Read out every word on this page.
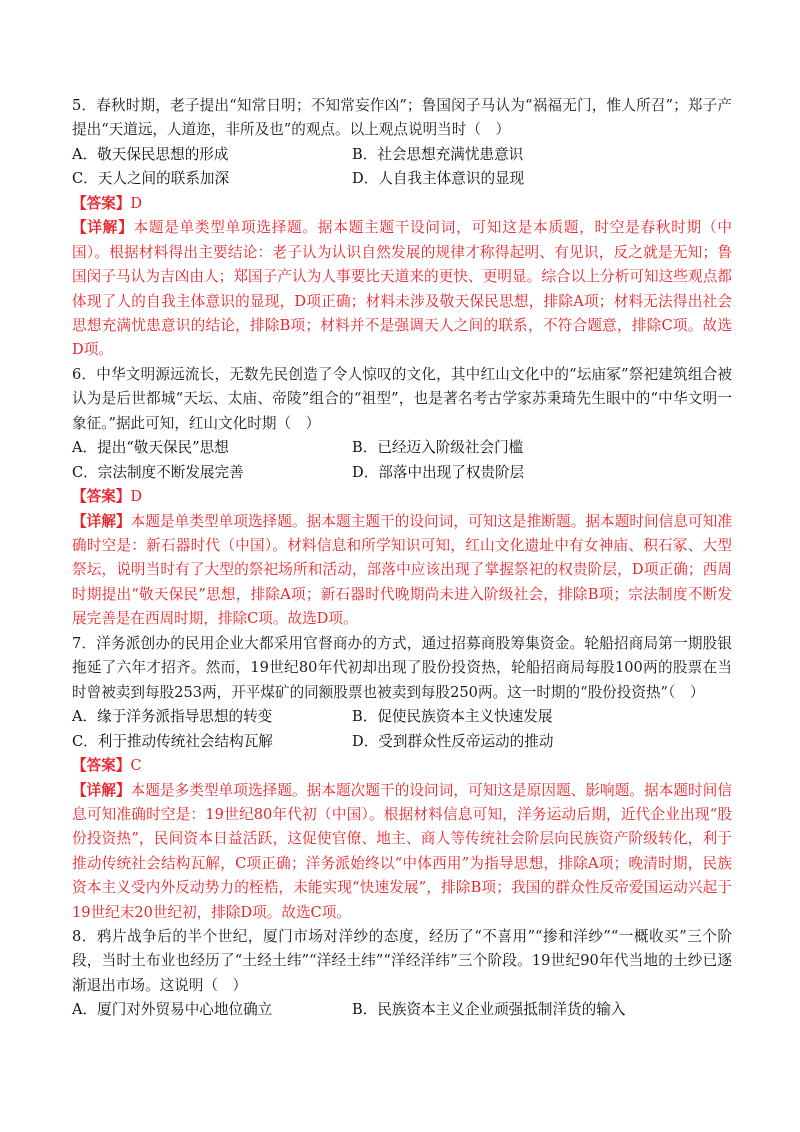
5．春秋时期，老子提出“知常日明；不知常妄作凶”；鲁国闵子马认为“祸福无门，惟人所召”；郑子产提出“天道远，人道迩，非所及也”的观点。以上观点说明当时（　）

A．敬天保民思想的形成	B．社会思想充满忧患意识
C．天人之间的联系加深	D．人自我主体意识的显现

【答案】D

【详解】本题是单类型单项选择题。据本题主题干设问词，可知这是本质题，时空是春秋时期（中国）。根据材料得出主要结论：老子认为认识自然发展的规律才称得起明、有见识，反之就是无知；鲁国闵子马认为吉凶由人；郑国子产认为人事要比天道来的更快、更明显。综合以上分析可知这些观点都体现了人的自我主体意识的显现，D项正确；材料未涉及敬天保民思想，排除A项；材料无法得出社会思想充满忧患意识的结论，排除B项；材料并不是强调天人之间的联系，不符合题意，排除C项。故选D项。

6．中华文明源远流长，无数先民创造了令人惊叹的文化，其中红山文化中的“坛庙冢”祭祀建筑组合被认为是后世都城“天坛、太庙、帝陵”组合的“祖型”，也是著名考古学家苏秉琦先生眼中的“中华文明一象征。”据此可知，红山文化时期（　）

A．提出“敬天保民”思想	B．已经迈入阶级社会门槛
C．宗法制度不断发展完善	D．部落中出现了权贵阶层

【答案】D

【详解】本题是单类型单项选择题。据本题主题干的设问词，可知这是推断题。据本题时间信息可知准确时空是：新石器时代（中国）。材料信息和所学知识可知，红山文化遗址中有女神庙、积石冢、大型祭坛，说明当时有了大型的祭祀场所和活动，部落中应该出现了掌握祭祀的权贵阶层，D项正确；西周时期提出“敬天保民”思想，排除A项；新石器时代晚期尚未进入阶级社会，排除B项；宗法制度不断发展完善是在西周时期，排除C项。故选D项。

7．洋务派创办的民用企业大都采用官督商办的方式，通过招募商股筹集资金。轮船招商局第一期股银拖延了六年才招齐。然而，19世纪80年代初却出现了股份投资热，轮船招商局每股100两的股票在当时曾被卖到每股253两，开平煤矿的同额股票也被卖到每股250两。这一时期的“股份投资热”（　）

A．缘于洋务派指导思想的转变	B．促使民族资本主义快速发展
C．利于推动传统社会结构瓦解	D．受到群众性反帝运动的推动

【答案】C

【详解】本题是多类型单项选择题。据本题次题干的设问词，可知这是原因题、影响题。据本题时间信息可知准确时空是：19世纪80年代初（中国）。根据材料信息可知，洋务运动后期，近代企业出现“股份投资热”，民间资本日益活跃，这促使官僚、地主、商人等传统社会阶层向民族资产阶级转化，利于推动传统社会结构瓦解，C项正确；洋务派始终以“中体西用”为指导思想，排除A项；晚清时期，民族资本主义受内外反动势力的桎梏，未能实现“快速发展”，排除B项；我国的群众性反帝爱国运动兴起于19世纪末20世纪初，排除D项。故选C项。

8．鸦片战争后的半个世纪，厦门市场对洋纱的态度，经历了“不喜用”“掺和洋纱”“一概收买”三个阶段，当时土布业也经历了“土经土纬”“洋经土纬”“洋经洋纬”三个阶段。19世纪90年代当地的土纱已逐渐退出市场。这说明（　）

A．厦门对外贸易中心地位确立	B．民族资本主义企业顽强抵制洋货的输入
